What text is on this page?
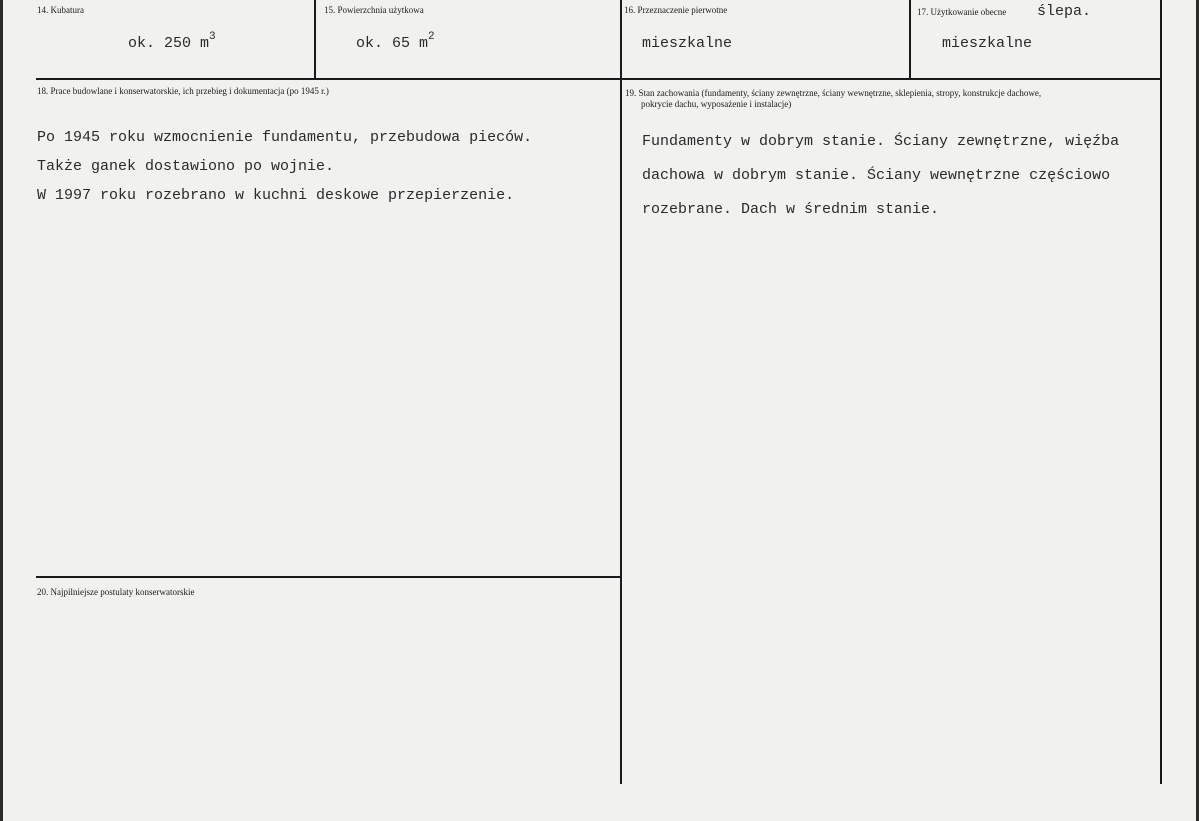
14. Kubatura
ok. 250 $m^3$
15. Powierzchnia użytkowa
ok. 65 $m^2$
16. Przeznaczenie pierwotne
mieszkalne
17. Użytkowanie obecne ślepa.
mieszkalne
18. Prace budowlane i konserwatorskie, ich przebieg i dokumentacja (po 1945 r.)
Po 1945 roku wzmocnienie fundamentu, przebudowa pieców.
Także ganek dostawiono po wojnie.
W 1997 roku rozebrano w kuchni deskowe przepierzenie.
19. Stan zachowania (fundamenty, ściany zewnętrzne, ściany wewnętrzne, sklepienia, stropy, konstrukcje dachowe,
pokrycie dachu, wyposażenie i instalacje)
Fundamenty w dobrym stanie. Ściany zewnętrzne, więźba
dachowa w dobrym stanie. Ściany wewnętrzne częściowo
rozebrane. Dach w średnim stanie.
20. Najpilniejsze postulaty konserwatorskie
